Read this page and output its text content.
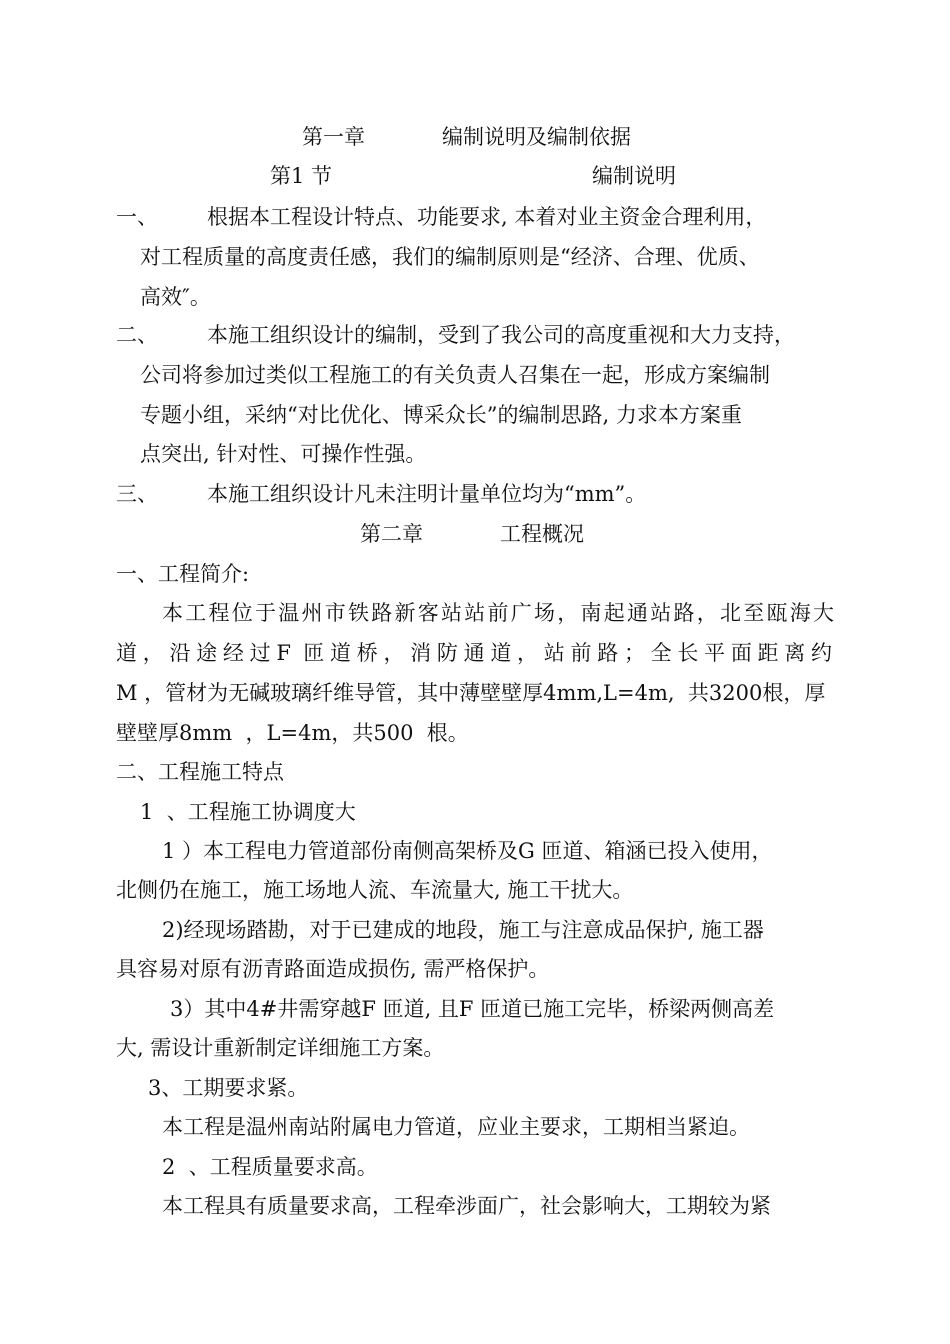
第一章	编制说明及编制依据

第1 节	编制说明

一、 根据本工程设计特点、功能要求, 本着对业主资金合理利用，

对工程质量的高度责任感，我们的编制原则是“经济、合理、优质、

高效″。

二、 本施工组织设计的编制，受到了我公司的高度重视和大力支持，

公司将参加过类似工程施工的有关负责人召集在一起，形成方案编制

专题小组，采纳“对比优化、博采众长”的编制思路, 力求本方案重

点突出, 针对性、可操作性强。

三、 本施工组织设计凡未注明计量单位均为“mm”。

第二章	工程概况

一、工程简介:

本工程位于温州市铁路新客站站前广场，南起通站路，北至瓯海大

道，沿途经过F 匝道桥，消防通道，站前路；全长平面距离约

M ，管材为无碱玻璃纤维导管，其中薄壁壁厚4mm,L=4m,  共3200根，厚

壁壁厚8mm  ，L=4m，共500  根。

二、工程施工特点

1  、工程施工协调度大

1 ）本工程电力管道部份南侧高架桥及G 匝道、箱涵已投入使用，

北侧仍在施工，施工场地人流、车流量大, 施工干扰大。

2)经现场踏勘，对于已建成的地段，施工与注意成品保护, 施工器

具容易对原有沥青路面造成损伤, 需严格保护。

3）其中4#井需穿越F 匝道, 且F 匝道已施工完毕，桥梁两侧高差

大, 需设计重新制定详细施工方案。

3、工期要求紧。

本工程是温州南站附属电力管道，应业主要求，工期相当紧迫。

2  、工程质量要求高。

本工程具有质量要求高，工程牵涉面广，社会影响大，工期较为紧
